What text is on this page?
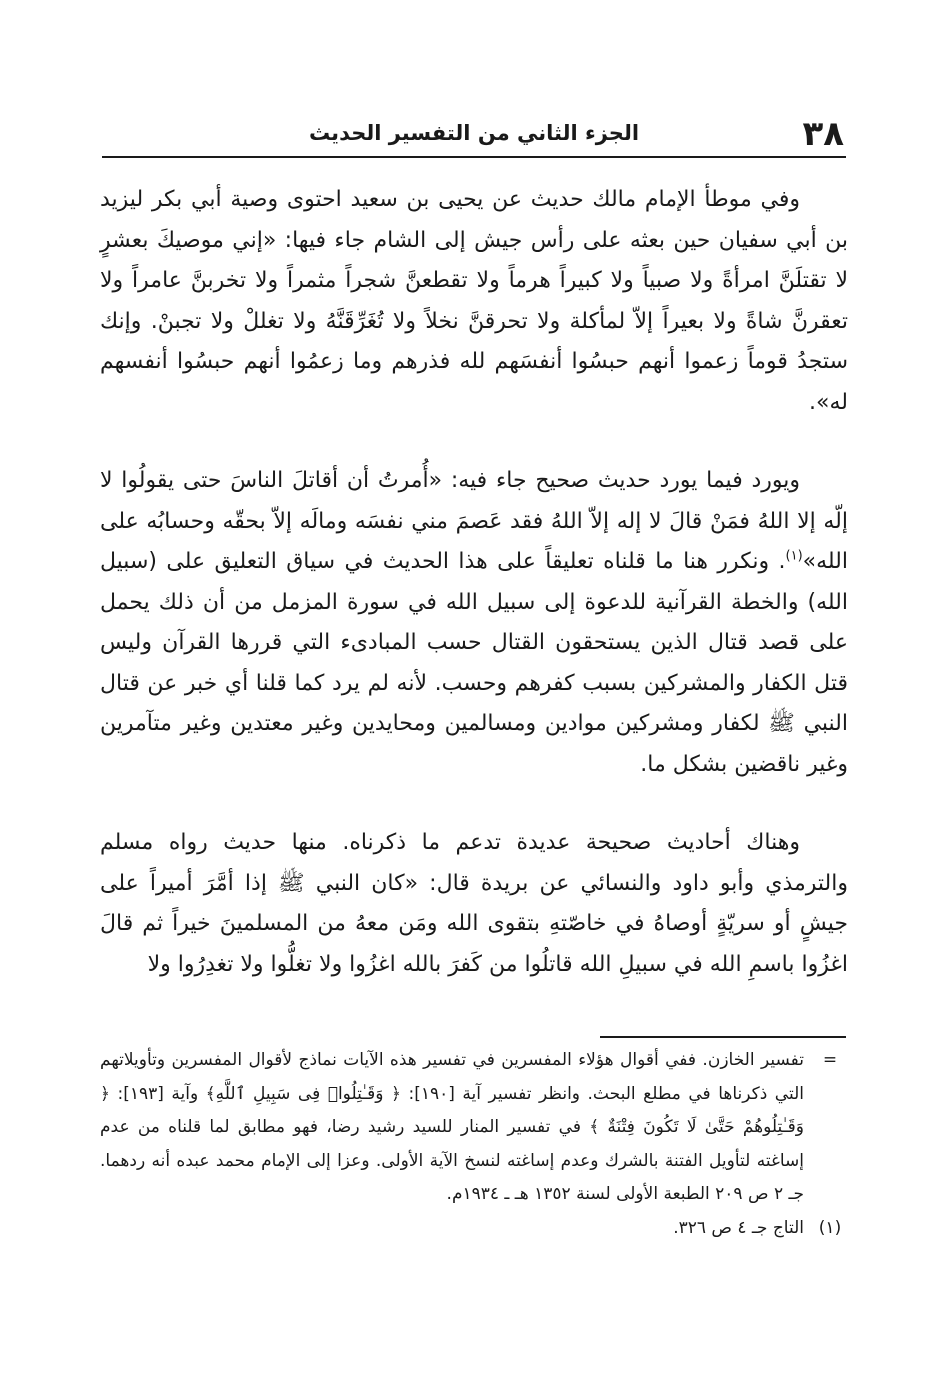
٣٨
الجزء الثاني من التفسير الحديث

وفي موطأ الإمام مالك حديث عن يحيى بن سعيد احتوى وصية أبي بكر ليزيد بن أبي سفيان حين بعثه على رأس جيش إلى الشام جاء فيها: «إني موصيكَ بعشرٍ لا تقتلَنَّ امرأةً ولا صبياً ولا كبيراً هرماً ولا تقطعنَّ شجراً مثمراً ولا تخربنَّ عامراً ولا تعقرنَّ شاةً ولا بعيراً إلاّ لمأكلة ولا تحرقنَّ نخلاً ولا تُغَرِّقَنَّهُ ولا تغللْ ولا تجبنْ. وإنك ستجدُ قوماً زعموا أنهم حبسُوا أنفسَهم لله فذرهم وما زعمُوا أنهم حبسُوا أنفسهم له».

ويورد فيما يورد حديث صحيح جاء فيه: «أُمرتُ أن أقاتلَ الناسَ حتى يقولُوا لا إلّه إلا اللهُ فمَنْ قالَ لا إله إلاّ اللهُ فقد عَصمَ مني نفسَه ومالَه إلاّ بحقّه وحسابُه على الله»$^{(١)}$. ونكرر هنا ما قلناه تعليقاً على هذا الحديث في سياق التعليق على (سبيل الله) والخطة القرآنية للدعوة إلى سبيل الله في سورة المزمل من أن ذلك يحمل على قصد قتال الذين يستحقون القتال حسب المبادىء التي قررها القرآن وليس قتل الكفار والمشركين بسبب كفرهم وحسب. لأنه لم يرد كما قلنا أي خبر عن قتال النبي ﷺ لكفار ومشركين موادين ومسالمين ومحايدين وغير معتدين وغير متآمرين وغير ناقضين بشكل ما.

وهناك أحاديث صحيحة عديدة تدعم ما ذكرناه. منها حديث رواه مسلم والترمذي وأبو داود والنسائي عن بريدة قال: «كان النبي ﷺ إذا أمَّرَ أميراً على جيشٍ أو سريّةٍ أوصاهُ في خاصّتهِ بتقوى الله ومَن معهُ من المسلمينَ خيراً ثم قالَ اغزُوا باسمِ الله في سبيلِ الله قاتلُوا من كَفرَ بالله اغزُوا ولا تغلُّوا ولا تغدِرُوا ولا

=
تفسير الخازن. ففي أقوال هؤلاء المفسرين في تفسير هذه الآيات نماذج لأقوال المفسرين وتأويلاتهم التي ذكرناها في مطلع البحث. وانظر تفسير آية [١٩٠]: ﴿ وَقَـٰتِلُوا۟ فِى سَبِيلِ ٱللَّهِ﴾ وآية [١٩٣]: ﴿ وَقَـٰتِلُوهُمْ حَتَّىٰ لَا تَكُونَ فِتْنَةٌ ﴾ في تفسير المنار للسيد رشيد رضا، فهو مطابق لما قلناه من عدم إساغته لتأويل الفتنة بالشرك وعدم إساغته لنسخ الآية الأولى. وعزا إلى الإمام محمد عبده أنه ردهما. جـ ٢ ص ٢٠٩ الطبعة الأولى لسنة ١٣٥٢ هـ ـ ١٩٣٤م.
(١)
التاج جـ ٤ ص ٣٢٦.
